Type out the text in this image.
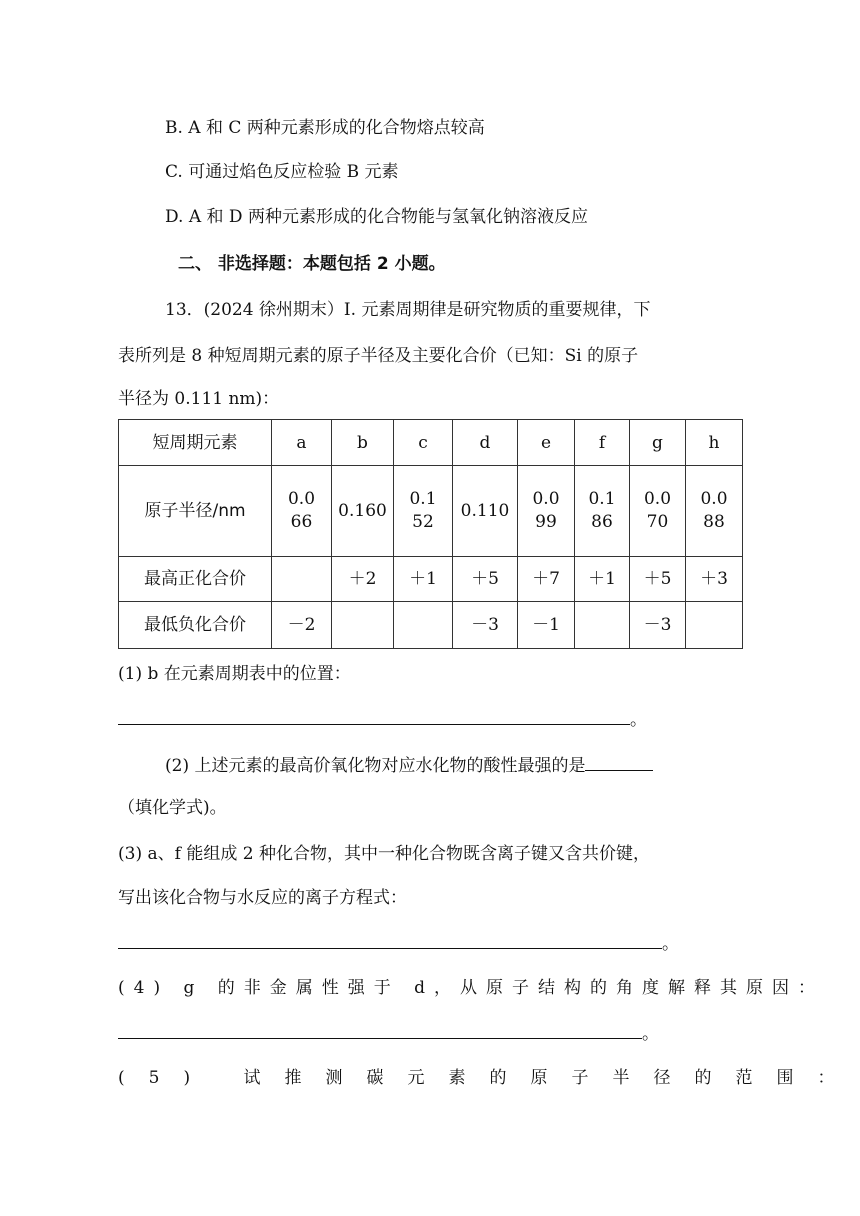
B. A 和 C 两种元素形成的化合物熔点较高
C. 可通过焰色反应检验 B 元素
D. A 和 D 两种元素形成的化合物能与氢氧化钠溶液反应
二、 非选择题：本题包括 2 小题。
13．(2024 徐州期末）Ⅰ. 元素周期律是研究物质的重要规律，下
表所列是 8 种短周期元素的原子半径及主要化合价（已知：Si 的原子
半径为 0.111 nm)：
短周期元素	a	b	c	d	e	f	g	h
原子半径/nm	0.066	0.160	0.152	0.110	0.099	0.186	0.070	0.088
最高正化合价		＋2	＋1	＋5	＋7	＋1	＋5	＋3
最低负化合价	－2			－3	－1		－3	
(1) b 在元素周期表中的位置：
。
(2) 上述元素的最高价氧化物对应水化物的酸性最强的是
（填化学式)。
(3) a、f 能组成 2 种化合物，其中一种化合物既含离子键又含共价键，
写出该化合物与水反应的离子方程式：
。
(4) g 的非金属性强于 d，从原子结构的角度解释其原因：
。
(5) 试推测碳元素的原子半径的范围：
